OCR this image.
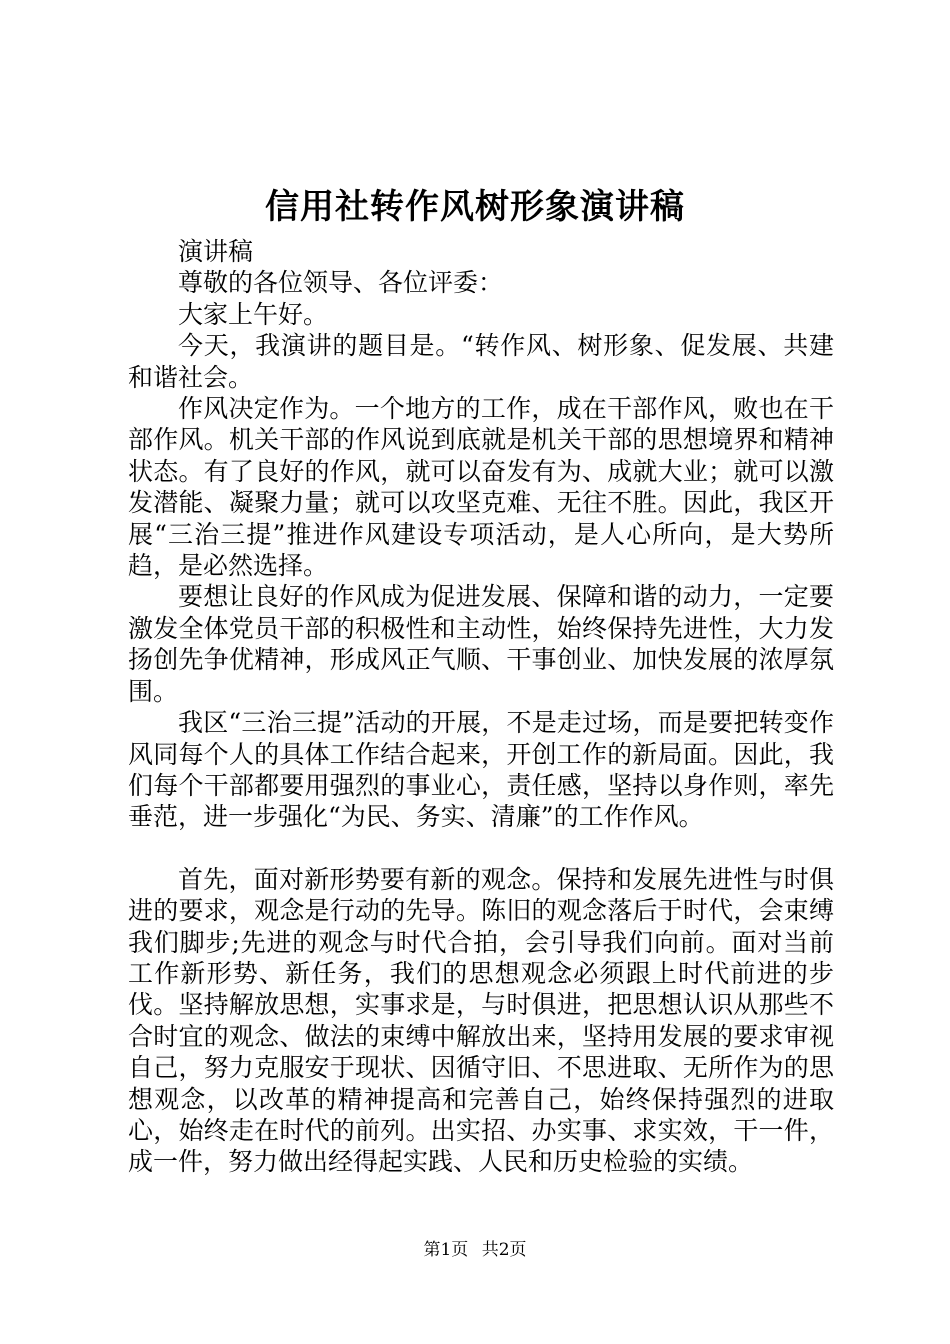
信用社转作风树形象演讲稿

演讲稿

尊敬的各位领导、各位评委：

大家上午好。

今天，我演讲的题目是。“转作风、树形象、促发展、共建和谐社会。

作风决定作为。一个地方的工作，成在干部作风，败也在干部作风。机关干部的作风说到底就是机关干部的思想境界和精神状态。有了良好的作风，就可以奋发有为、成就大业；就可以激发潜能、凝聚力量；就可以攻坚克难、无往不胜。因此，我区开展“三治三提”推进作风建设专项活动，是人心所向，是大势所趋，是必然选择。

要想让良好的作风成为促进发展、保障和谐的动力，一定要激发全体党员干部的积极性和主动性，始终保持先进性，大力发扬创先争优精神，形成风正气顺、干事创业、加快发展的浓厚氛围。

我区“三治三提”活动的开展，不是走过场，而是要把转变作风同每个人的具体工作结合起来，开创工作的新局面。因此，我们每个干部都要用强烈的事业心，责任感，坚持以身作则，率先垂范，进一步强化“为民、务实、清廉”的工作作风。

首先，面对新形势要有新的观念。保持和发展先进性与时俱进的要求，观念是行动的先导。陈旧的观念落后于时代，会束缚我们脚步;先进的观念与时代合拍，会引导我们向前。面对当前工作新形势、新任务，我们的思想观念必须跟上时代前进的步伐。坚持解放思想，实事求是，与时俱进，把思想认识从那些不合时宜的观念、做法的束缚中解放出来，坚持用发展的要求审视自己，努力克服安于现状、因循守旧、不思进取、无所作为的思想观念，以改革的精神提高和完善自己，始终保持强烈的进取心，始终走在时代的前列。出实招、办实事、求实效，干一件，成一件，努力做出经得起实践、人民和历史检验的实绩。

第1页 共2页
